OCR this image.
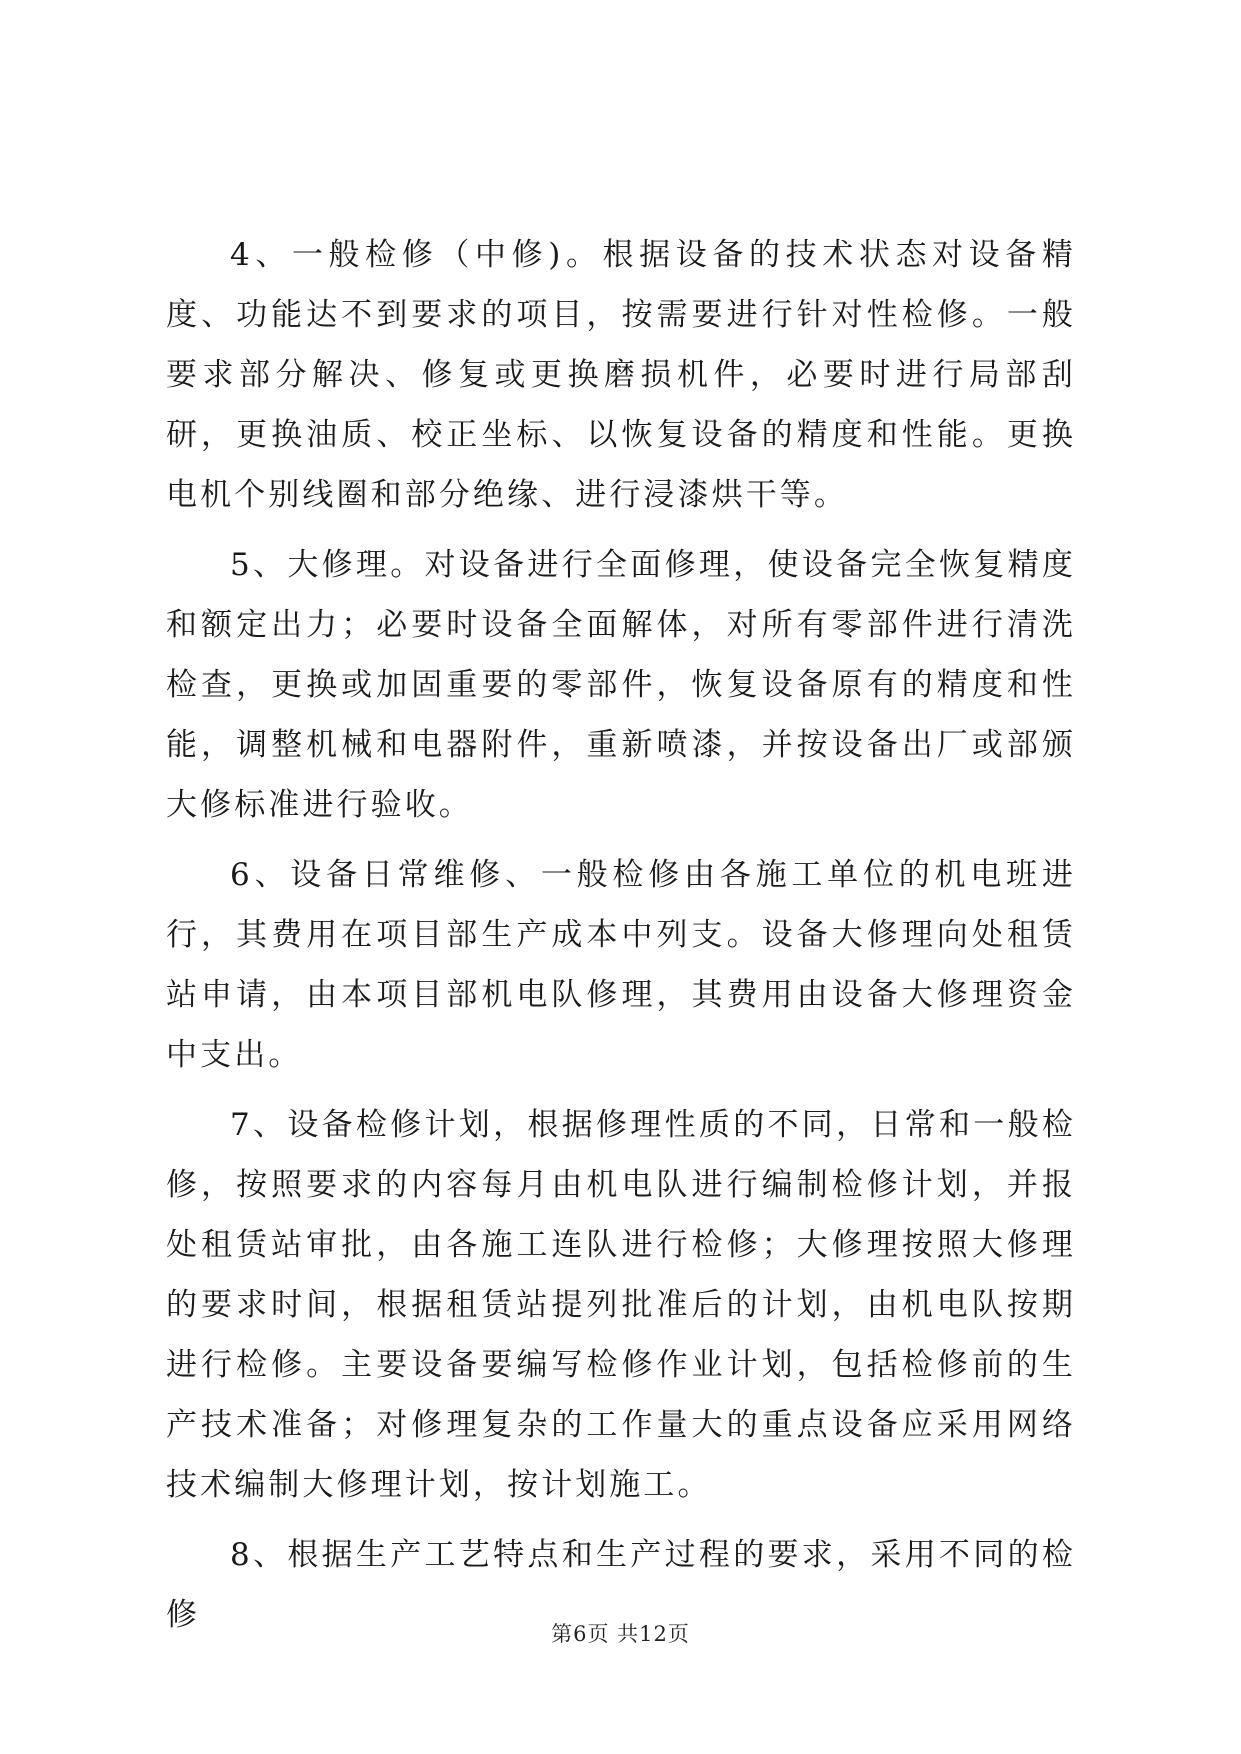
4、一般检修（中修)。根据设备的技术状态对设备精度、功能达不到要求的项目，按需要进行针对性检修。一般要求部分解决、修复或更换磨损机件，必要时进行局部刮研，更换油质、校正坐标、以恢复设备的精度和性能。更换电机个别线圈和部分绝缘、进行浸漆烘干等。

5、大修理。对设备进行全面修理，使设备完全恢复精度和额定出力；必要时设备全面解体，对所有零部件进行清洗检查，更换或加固重要的零部件，恢复设备原有的精度和性能，调整机械和电器附件，重新喷漆，并按设备出厂或部颁大修标准进行验收。

6、设备日常维修、一般检修由各施工单位的机电班进行，其费用在项目部生产成本中列支。设备大修理向处租赁站申请，由本项目部机电队修理，其费用由设备大修理资金中支出。

7、设备检修计划，根据修理性质的不同，日常和一般检修，按照要求的内容每月由机电队进行编制检修计划，并报处租赁站审批，由各施工连队进行检修；大修理按照大修理的要求时间，根据租赁站提列批准后的计划，由机电队按期进行检修。主要设备要编写检修作业计划，包括检修前的生产技术准备；对修理复杂的工作量大的重点设备应采用网络技术编制大修理计划，按计划施工。

8、根据生产工艺特点和生产过程的要求，采用不同的检修

第6页 共12页
